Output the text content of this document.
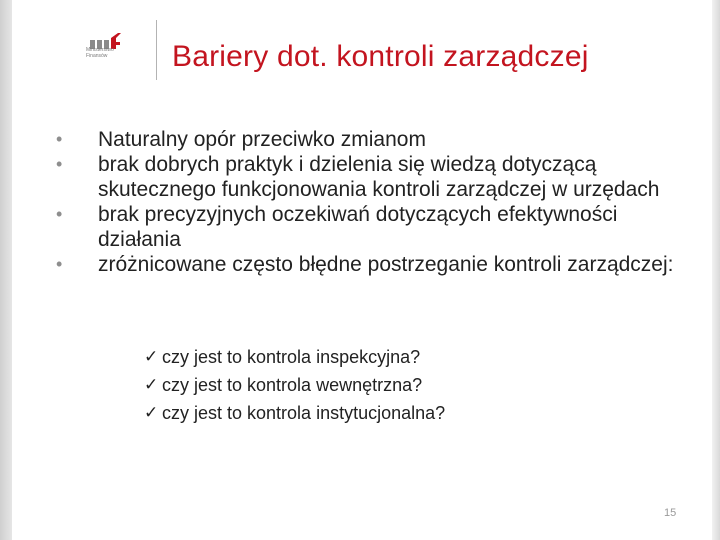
Ministerstwo
Finansów	Bariery dot. kontroli zarządczej
•	Naturalny opór przeciwko zmianom
•	brak dobrych praktyk i dzielenia się wiedzą dotyczącą skutecznego funkcjonowania kontroli zarządczej w urzędach
•	brak precyzyjnych oczekiwań dotyczących efektywności działania
•	zróżnicowane często błędne postrzeganie kontroli zarządczej:
✓ czy jest to kontrola inspekcyjna?
✓ czy jest to kontrola wewnętrzna?
✓ czy jest to kontrola instytucjonalna?
15
